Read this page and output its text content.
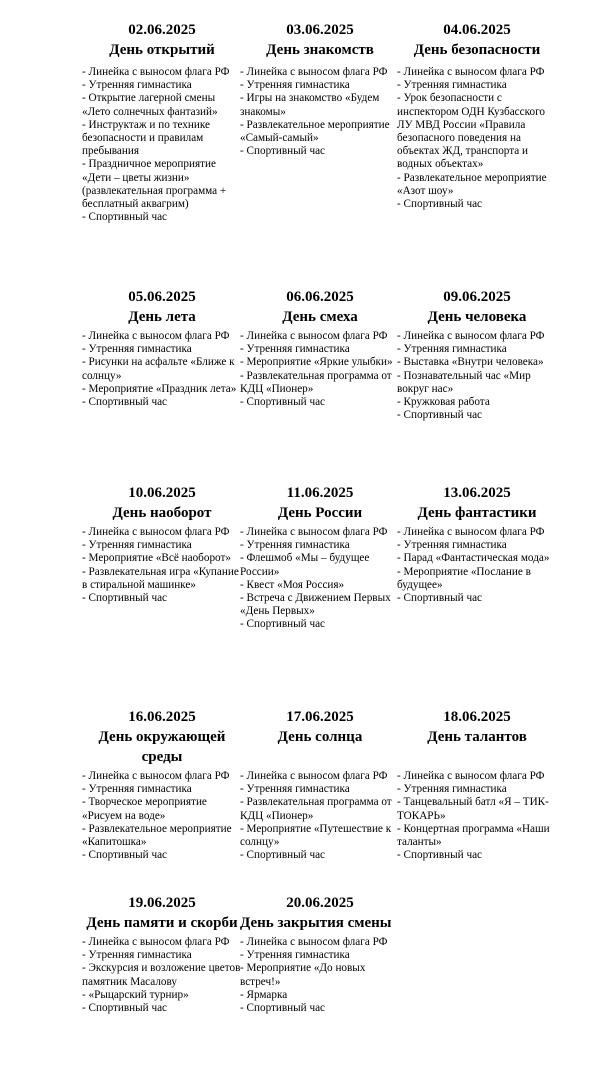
02.06.2025
День открытий
- Линейка с выносом флага РФ
- Утренняя гимнастика
- Открытие лагерной смены «Лето солнечных фантазий»
- Инструктаж и по технике безопасности и правилам пребывания
- Праздничное мероприятие «Дети – цветы жизни» (развлекательная программа + бесплатный аквагрим)
- Спортивный час
03.06.2025
День знакомств
- Линейка с выносом флага РФ
- Утренняя гимнастика
- Игры на знакомство «Будем знакомы»
- Развлекательное мероприятие «Самый-самый»
- Спортивный час
04.06.2025
День безопасности
- Линейка с выносом флага РФ
- Утренняя гимнастика
- Урок безопасности с инспектором ОДН Кузбасского ЛУ МВД России «Правила безопасного поведения на объектах ЖД, транспорта и водных объектах»
- Развлекательное мероприятие «Азот шоу»
- Спортивный час
05.06.2025
День лета
- Линейка с выносом флага РФ
- Утренняя гимнастика
- Рисунки на асфальте «Ближе к солнцу»
- Мероприятие «Праздник лета»
- Спортивный час
06.06.2025
День смеха
- Линейка с выносом флага РФ
- Утренняя гимнастика
- Мероприятие «Яркие улыбки»
- Развлекательная программа от КДЦ «Пионер»
- Спортивный час
09.06.2025
День человека
- Линейка с выносом флага РФ
- Утренняя гимнастика
- Выставка «Внутри человека»
- Познавательный час «Мир вокруг нас»
- Кружковая работа
- Спортивный час
10.06.2025
День наоборот
- Линейка с выносом флага РФ
- Утренняя гимнастика
- Мероприятие «Всё наоборот»
- Развлекательная игра «Купание в стиральной машинке»
- Спортивный час
11.06.2025
День России
- Линейка с выносом флага РФ
- Утренняя гимнастика
- Флешмоб «Мы – будущее России»
- Квест «Моя Россия»
- Встреча с Движением Первых «День Первых»
- Спортивный час
13.06.2025
День фантастики
- Линейка с выносом флага РФ
- Утренняя гимнастика
- Парад «Фантастическая мода»
- Мероприятие «Послание в будущее»
- Спортивный час
16.06.2025
День окружающей среды
- Линейка с выносом флага РФ
- Утренняя гимнастика
- Творческое мероприятие «Рисуем на воде»
- Развлекательное мероприятие «Капитошка»
- Спортивный час
17.06.2025
День солнца
- Линейка с выносом флага РФ
- Утренняя гимнастика
- Развлекательная программа от КДЦ «Пионер»
- Мероприятие «Путешествие к солнцу»
- Спортивный час
18.06.2025
День талантов
- Линейка с выносом флага РФ
- Утренняя гимнастика
- Танцевальный батл «Я – ТИК-ТОКАРЬ»
- Концертная программа «Наши таланты»
- Спортивный час
19.06.2025
День памяти и скорби
- Линейка с выносом флага РФ
- Утренняя гимнастика
- Экскурсия и возложение цветов памятник Масалову
- «Рыцарский турнир»
- Спортивный час
20.06.2025
День закрытия смены
- Линейка с выносом флага РФ
- Утренняя гимнастика
- Мероприятие «До новых встреч!»
- Ярмарка
- Спортивный час
